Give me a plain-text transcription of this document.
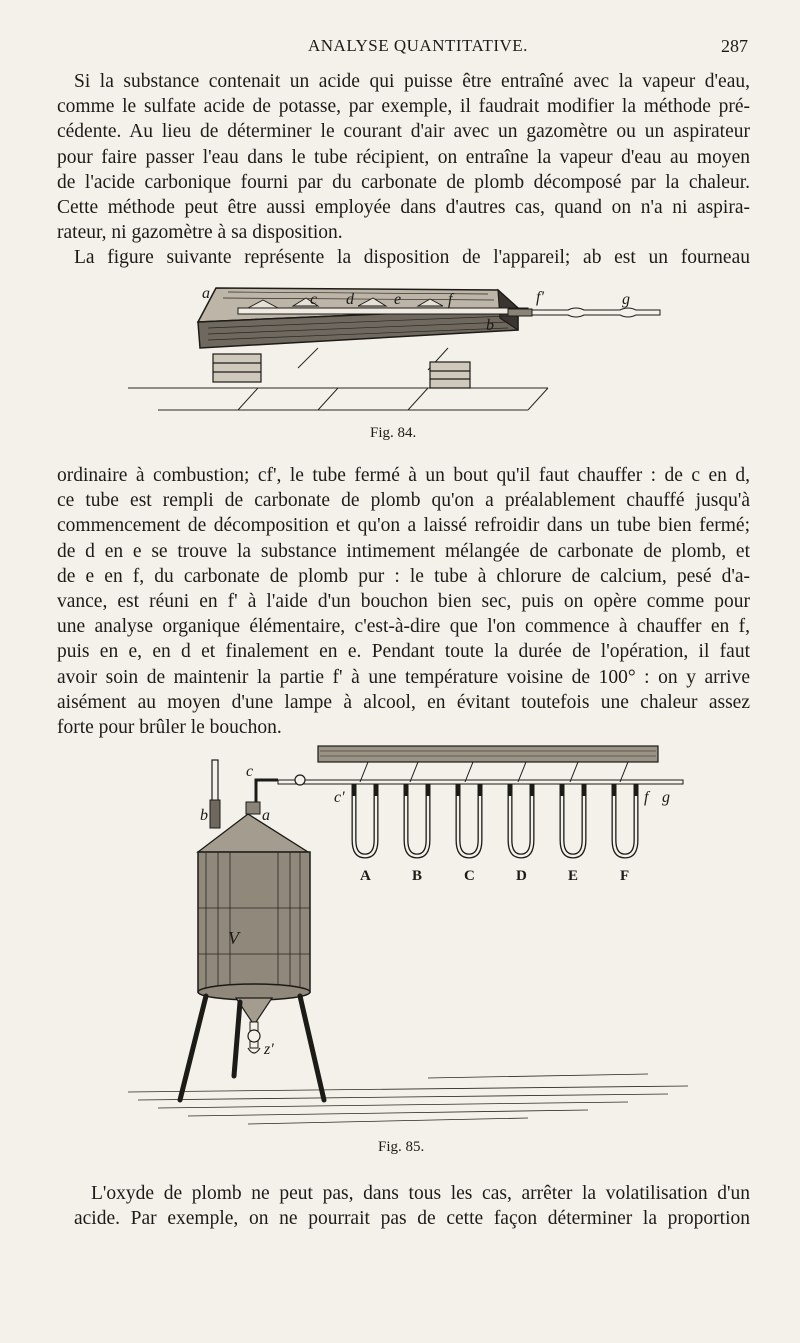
ANALYSE QUANTITATIVE.	287
Si la substance contenait un acide qui puisse être entraîné avec la vapeur d'eau,
comme le sulfate acide de potasse, par exemple, il faudrait modifier la méthode pré-
cédente. Au lieu de déterminer le courant d'air avec un gazomètre ou un aspirateur
pour faire passer l'eau dans le tube récipient, on entraîne la vapeur d'eau au moyen
de l'acide carbonique fourni par du carbonate de plomb décomposé par la chaleur.
Cette méthode peut être aussi employée dans d'autres cas, quand on n'a ni aspira-
rateur, ni gazomètre à sa disposition.
La figure suivante représente la disposition de l'appareil; ab est un fourneau
a	c d	e	f
b
f'	g
Fig. 84.
ordinaire à combustion; cf', le tube fermé à un bout qu'il faut chauffer : de c en d,
ce tube est rempli de carbonate de plomb qu'on a préalablement chauffé jusqu'à
commencement de décomposition et qu'on a laissé refroidir dans un tube bien fermé;
de d en e se trouve la substance intimement mélangée de carbonate de plomb, et
de e en f, du carbonate de plomb pur : le tube à chlorure de calcium, pesé d'a-
vance, est réuni en f' à l'aide d'un bouchon bien sec, puis on opère comme pour
une analyse organique élémentaire, c'est-à-dire que l'on commence à chauffer en f,
puis en e, en d et finalement en e. Pendant toute la durée de l'opération, il faut
avoir soin de maintenir la partie f' à une température voisine de 100° : on y arrive
aisément au moyen d'une lampe à alcool, en évitant toutefois une chaleur assez
forte pour brûler le bouchon.
c
b	a
c'
z'
f g
V
A	B	C	D	E	F
Fig. 85.
L'oxyde de plomb ne peut pas, dans tous les cas, arrêter la volatilisation d'un
acide. Par exemple, on ne pourrait pas de cette façon déterminer la proportion
